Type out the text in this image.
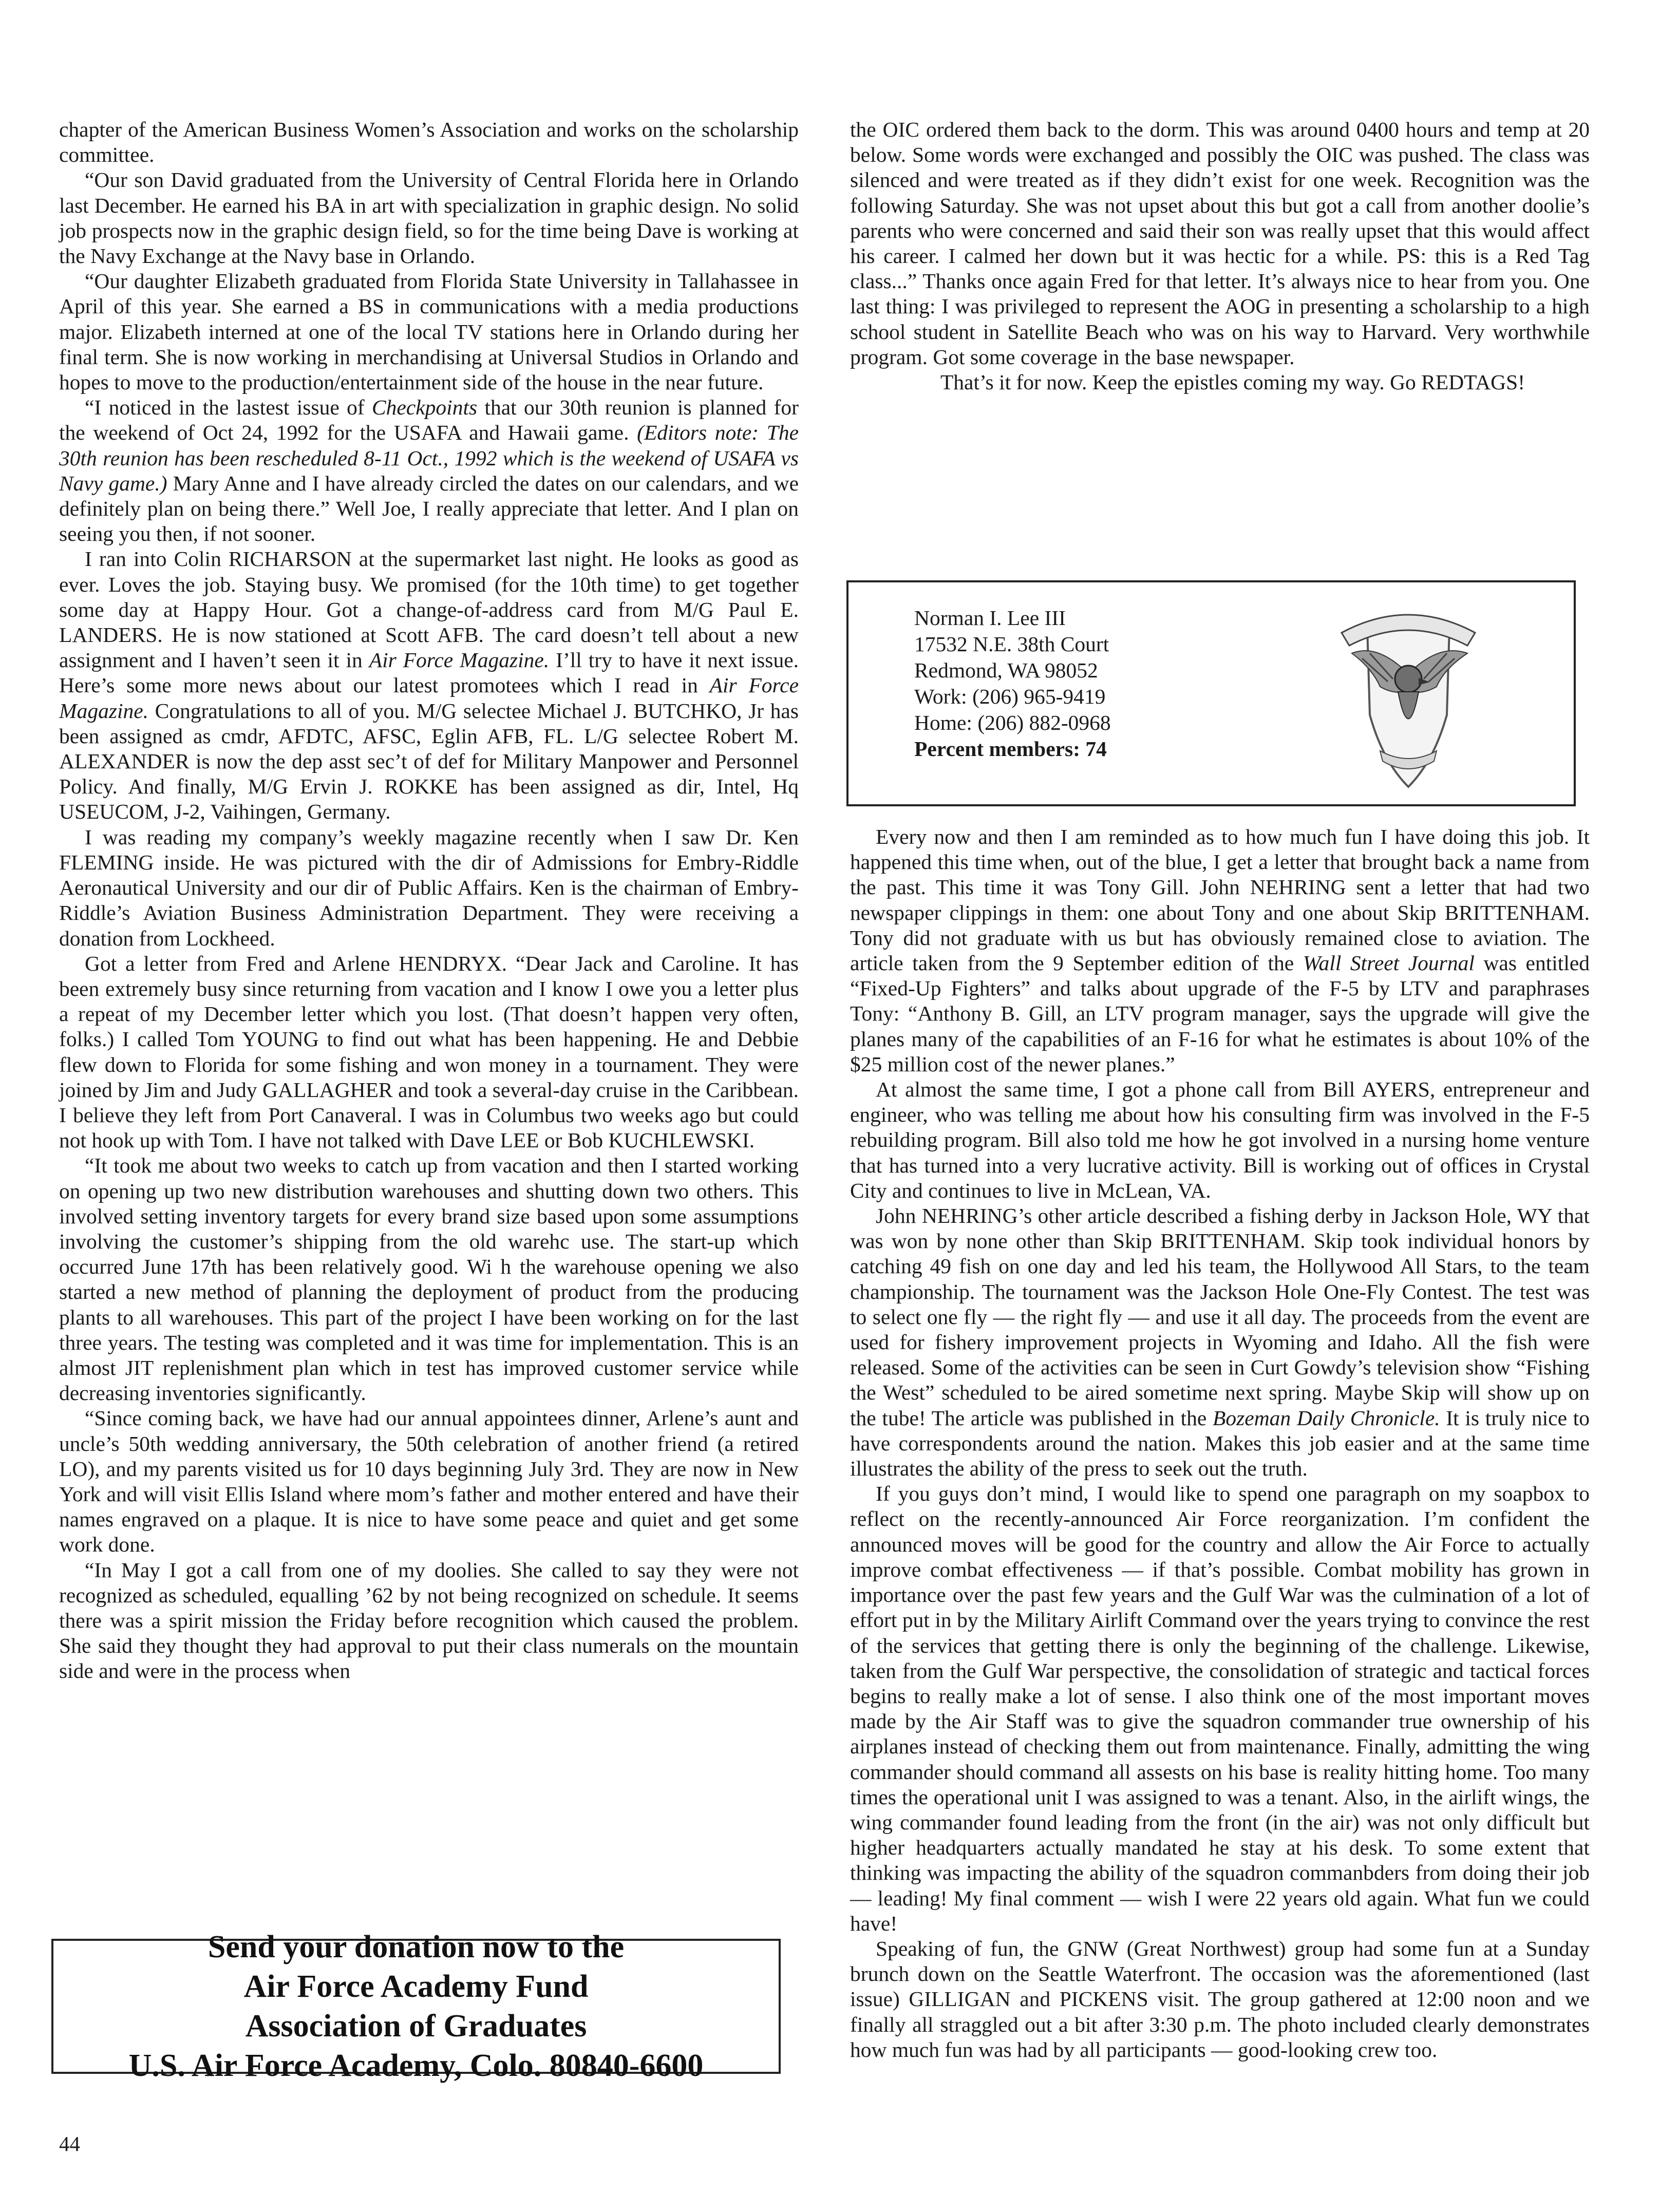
chapter of the American Business Women’s Association and works on the scholarship committee.

“Our son David graduated from the University of Central Florida here in Orlando last December. He earned his BA in art with specialization in graphic design. No solid job prospects now in the graphic design field, so for the time being Dave is working at the Navy Exchange at the Navy base in Orlando.

“Our daughter Elizabeth graduated from Florida State University in Tallahassee in April of this year. She earned a BS in communications with a media productions major. Elizabeth interned at one of the local TV stations here in Orlando during her final term. She is now working in merchandising at Universal Studios in Orlando and hopes to move to the production/entertainment side of the house in the near future.

“I noticed in the lastest issue of Checkpoints that our 30th reunion is planned for the weekend of Oct 24, 1992 for the USAFA and Hawaii game. (Editors note: The 30th reunion has been rescheduled 8-11 Oct., 1992 which is the weekend of USAFA vs Navy game.) Mary Anne and I have already circled the dates on our calendars, and we definitely plan on being there.” Well Joe, I really appreciate that letter. And I plan on seeing you then, if not sooner.

I ran into Colin RICHARSON at the supermarket last night. He looks as good as ever. Loves the job. Staying busy. We promised (for the 10th time) to get together some day at Happy Hour. Got a change-of-address card from M/G Paul E. LANDERS. He is now stationed at Scott AFB. The card doesn’t tell about a new assignment and I haven’t seen it in Air Force Magazine. I’ll try to have it next issue. Here’s some more news about our latest promotees which I read in Air Force Magazine. Congratulations to all of you. M/G selectee Michael J. BUTCHKO, Jr has been assigned as cmdr, AFDTC, AFSC, Eglin AFB, FL. L/G selectee Robert M. ALEXANDER is now the dep asst sec’t of def for Military Manpower and Personnel Policy. And finally, M/G Ervin J. ROKKE has been assigned as dir, Intel, Hq USEUCOM, J-2, Vaihingen, Germany.

I was reading my company’s weekly magazine recently when I saw Dr. Ken FLEMING inside. He was pictured with the dir of Admissions for Embry-Riddle Aeronautical University and our dir of Public Affairs. Ken is the chairman of Embry-Riddle’s Aviation Business Administration Department. They were receiving a donation from Lockheed.

Got a letter from Fred and Arlene HENDRYX. “Dear Jack and Caroline. It has been extremely busy since returning from vacation and I know I owe you a letter plus a repeat of my December letter which you lost. (That doesn’t happen very often, folks.) I called Tom YOUNG to find out what has been happening. He and Debbie flew down to Florida for some fishing and won money in a tournament. They were joined by Jim and Judy GALLAGHER and took a several-day cruise in the Caribbean. I believe they left from Port Canaveral. I was in Columbus two weeks ago but could not hook up with Tom. I have not talked with Dave LEE or Bob KUCHLEWSKI.

“It took me about two weeks to catch up from vacation and then I started working on opening up two new distribution warehouses and shutting down two others. This involved setting inventory targets for every brand size based upon some assumptions involving the customer’s shipping from the old warehc use. The start-up which occurred June 17th has been relatively good. Wi h the warehouse opening we also started a new method of planning the deployment of product from the producing plants to all warehouses. This part of the project I have been working on for the last three years. The testing was completed and it was time for implementation. This is an almost JIT replenishment plan which in test has improved customer service while decreasing inventories significantly.

“Since coming back, we have had our annual appointees dinner, Arlene’s aunt and uncle’s 50th wedding anniversary, the 50th celebration of another friend (a retired LO), and my parents visited us for 10 days beginning July 3rd. They are now in New York and will visit Ellis Island where mom’s father and mother entered and have their names engraved on a plaque. It is nice to have some peace and quiet and get some work done.

“In May I got a call from one of my doolies. She called to say they were not recognized as scheduled, equalling ’62 by not being recognized on schedule. It seems there was a spirit mission the Friday before recognition which caused the problem. She said they thought they had approval to put their class numerals on the mountain side and were in the process when

Send your donation now to the
Air Force Academy Fund
Association of Graduates
U.S. Air Force Academy, Colo. 80840-6600

the OIC ordered them back to the dorm. This was around 0400 hours and temp at 20 below. Some words were exchanged and possibly the OIC was pushed. The class was silenced and were treated as if they didn’t exist for one week. Recognition was the following Saturday. She was not upset about this but got a call from another doolie’s parents who were concerned and said their son was really upset that this would affect his career. I calmed her down but it was hectic for a while. PS: this is a Red Tag class...” Thanks once again Fred for that letter. It’s always nice to hear from you. One last thing: I was privileged to represent the AOG in presenting a scholarship to a high school student in Satellite Beach who was on his way to Harvard. Very worthwhile program. Got some coverage in the base newspaper.

That’s it for now. Keep the epistles coming my way. Go REDTAGS!

Norman I. Lee III
17532 N.E. 38th Court
Redmond, WA 98052
Work: (206) 965-9419
Home: (206) 882-0968
Percent members: 74

Every now and then I am reminded as to how much fun I have doing this job. It happened this time when, out of the blue, I get a letter that brought back a name from the past. This time it was Tony Gill. John NEHRING sent a letter that had two newspaper clippings in them: one about Tony and one about Skip BRITTENHAM. Tony did not graduate with us but has obviously remained close to aviation. The article taken from the 9 September edition of the Wall Street Journal was entitled “Fixed-Up Fighters” and talks about upgrade of the F-5 by LTV and paraphrases Tony: “Anthony B. Gill, an LTV program manager, says the upgrade will give the planes many of the capabilities of an F-16 for what he estimates is about 10% of the $25 million cost of the newer planes.”

At almost the same time, I got a phone call from Bill AYERS, entrepreneur and engineer, who was telling me about how his consulting firm was involved in the F-5 rebuilding program. Bill also told me how he got involved in a nursing home venture that has turned into a very lucrative activity. Bill is working out of offices in Crystal City and continues to live in McLean, VA.

John NEHRING’s other article described a fishing derby in Jackson Hole, WY that was won by none other than Skip BRITTENHAM. Skip took individual honors by catching 49 fish on one day and led his team, the Hollywood All Stars, to the team championship. The tournament was the Jackson Hole One-Fly Contest. The test was to select one fly — the right fly — and use it all day. The proceeds from the event are used for fishery improvement projects in Wyoming and Idaho. All the fish were released. Some of the activities can be seen in Curt Gowdy’s television show “Fishing the West” scheduled to be aired sometime next spring. Maybe Skip will show up on the tube! The article was published in the Bozeman Daily Chronicle. It is truly nice to have correspondents around the nation. Makes this job easier and at the same time illustrates the ability of the press to seek out the truth.

If you guys don’t mind, I would like to spend one paragraph on my soapbox to reflect on the recently-announced Air Force reorganization. I’m confident the announced moves will be good for the country and allow the Air Force to actually improve combat effectiveness — if that’s possible. Combat mobility has grown in importance over the past few years and the Gulf War was the culmination of a lot of effort put in by the Military Airlift Command over the years trying to convince the rest of the services that getting there is only the beginning of the challenge. Likewise, taken from the Gulf War perspective, the consolidation of strategic and tactical forces begins to really make a lot of sense. I also think one of the most important moves made by the Air Staff was to give the squadron commander true ownership of his airplanes instead of checking them out from maintenance. Finally, admitting the wing commander should command all assests on his base is reality hitting home. Too many times the operational unit I was assigned to was a tenant. Also, in the airlift wings, the wing commander found leading from the front (in the air) was not only difficult but higher headquarters actually mandated he stay at his desk. To some extent that thinking was impacting the ability of the squadron commanbders from doing their job — leading! My final comment — wish I were 22 years old again. What fun we could have!

Speaking of fun, the GNW (Great Northwest) group had some fun at a Sunday brunch down on the Seattle Waterfront. The occasion was the aforementioned (last issue) GILLIGAN and PICKENS visit. The group gathered at 12:00 noon and we finally all straggled out a bit after 3:30 p.m. The photo included clearly demonstrates how much fun was had by all participants — good-looking crew too.

44
